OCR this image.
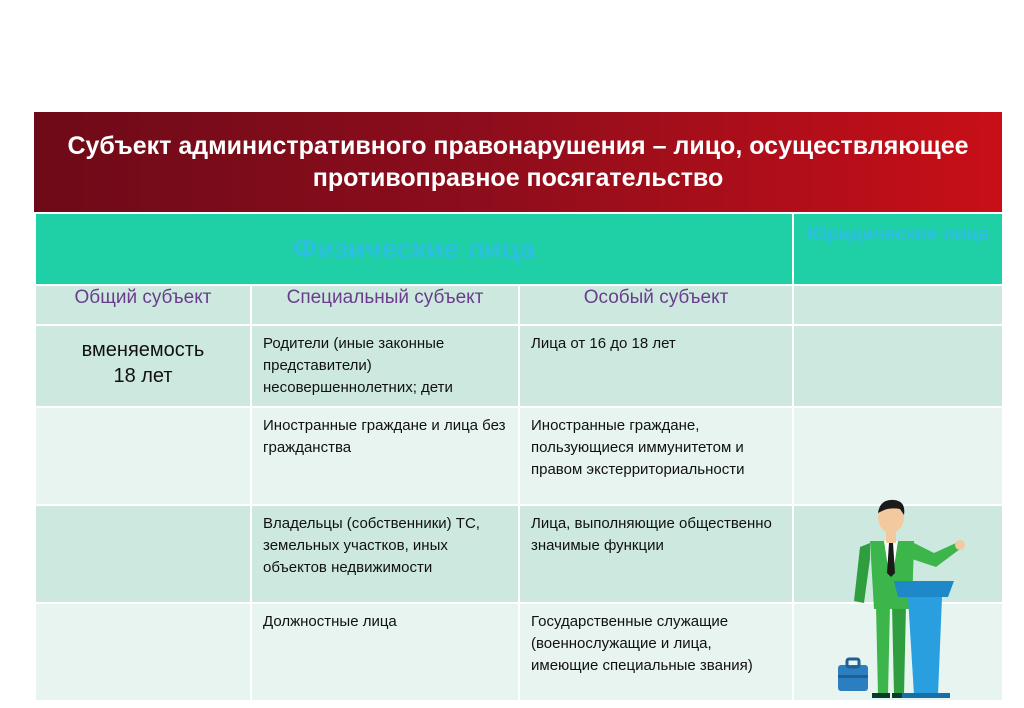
Субъект административного правонарушения – лицо, осуществляющее противоправное посягательство
Физические лица			Юридические лица
Общий субъект	Специальный субъект	Особый субъект	

вменяемость 18 лет	Родители (иные законные представители) несовершеннолетних; дети	Лица от 16 до 18 лет	

	Иностранные граждане и лица без гражданства	Иностранные граждане, пользующиеся иммунитетом и правом экстерриториальности	

	Владельцы (собственники) ТС, земельных участков, иных объектов недвижимости	Лица, выполняющие общественно значимые функции	

	Должностные лица	Государственные служащие (военнослужащие и лица, имеющие специальные звания)	
